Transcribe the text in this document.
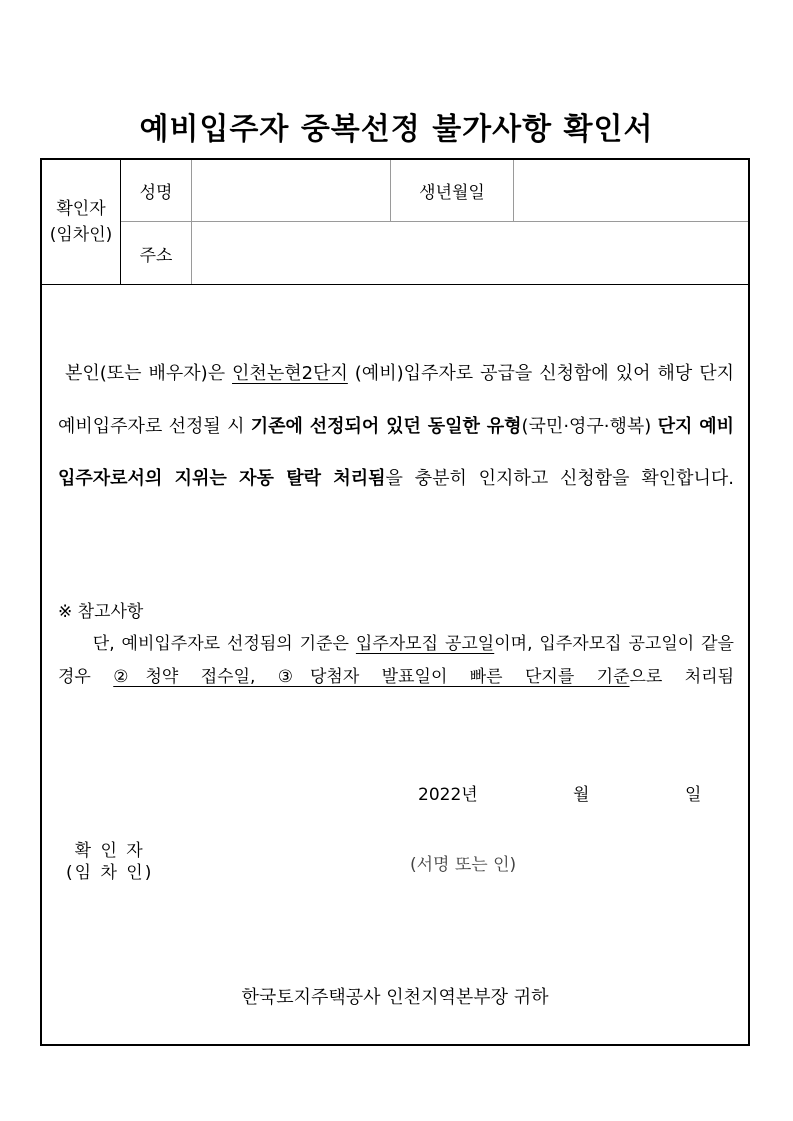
예비입주자 중복선정 불가사항 확인서
확인자
(임차인)
성명	생년월일
주소
본인(또는 배우자)은 인천논현2단지 (예비)입주자로 공급을 신청함에 있어 해당 단지 예비입주자로 선정될 시 기존에 선정되어 있던 동일한 유형(국민·영구·행복) 단지 예비입주자로서의 지위는 자동 탈락 처리됨을 충분히 인지하고 신청함을 확인합니다.
※ 참고사항
단, 예비입주자로 선정됨의 기준은 입주자모집 공고일이며, 입주자모집 공고일이 같을 경우 ②청약 접수일, ③당첨자 발표일이 빠른 단지를 기준으로 처리됨
2022년	월	일
확 인 자
(임 차 인)	(서명 또는 인)
한국토지주택공사 인천지역본부장 귀하
